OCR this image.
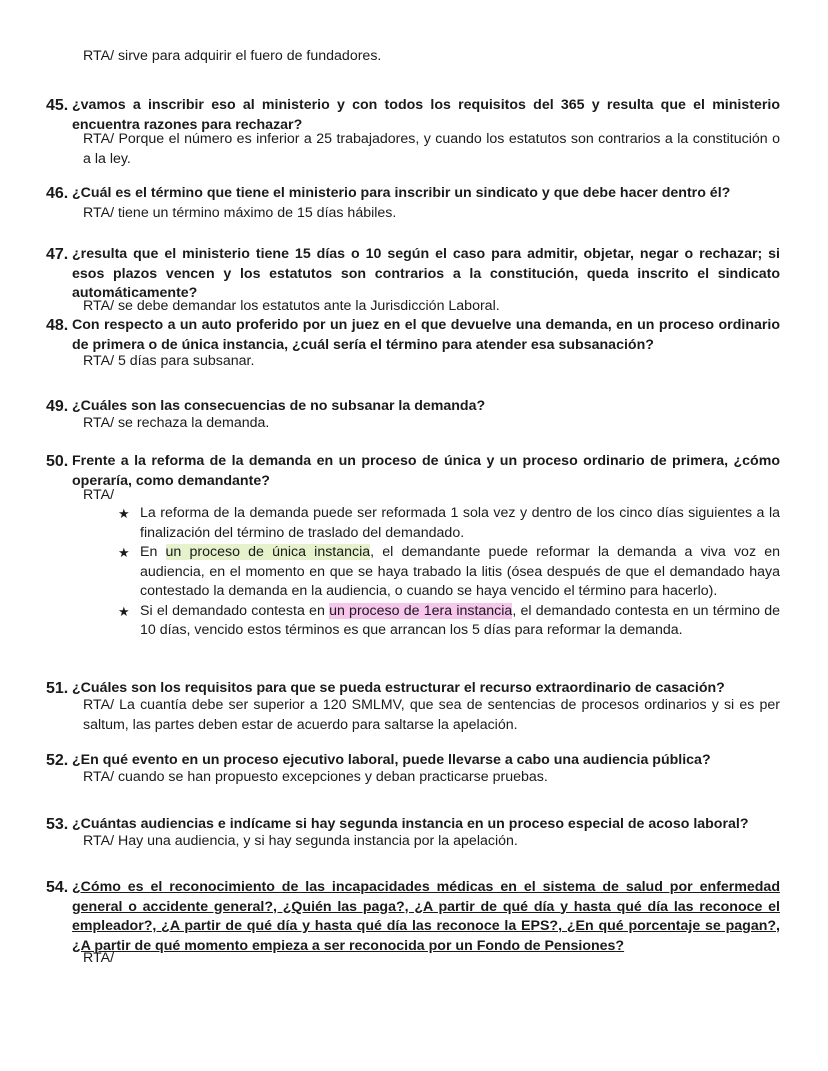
RTA/ sirve para adquirir el fuero de fundadores.

45. ¿vamos a inscribir eso al ministerio y con todos los requisitos del 365 y resulta que el ministerio encuentra razones para rechazar?

RTA/ Porque el número es inferior a 25 trabajadores, y cuando los estatutos son contrarios a la constitución o a la ley.

46. ¿Cuál es el término que tiene el ministerio para inscribir un sindicato y que debe hacer dentro él?

RTA/ tiene un término máximo de 15 días hábiles.

47. ¿resulta que el ministerio tiene 15 días o 10 según el caso para admitir, objetar, negar o rechazar; si esos plazos vencen y los estatutos son contrarios a la constitución, queda inscrito el sindicato automáticamente?

RTA/ se debe demandar los estatutos ante la Jurisdicción Laboral.

48. Con respecto a un auto proferido por un juez en el que devuelve una demanda, en un proceso ordinario de primera o de única instancia, ¿cuál sería el término para atender esa subsanación?

RTA/ 5 días para subsanar.

49. ¿Cuáles son las consecuencias de no subsanar la demanda?

RTA/ se rechaza la demanda.

50. Frente a la reforma de la demanda en un proceso de única y un proceso ordinario de primera, ¿cómo operaría, como demandante?

RTA/

★ La reforma de la demanda puede ser reformada 1 sola vez y dentro de los cinco días siguientes a la finalización del término de traslado del demandado.
★ En un proceso de única instancia, el demandante puede reformar la demanda a viva voz en audiencia, en el momento en que se haya trabado la litis (ósea después de que el demandado haya contestado la demanda en la audiencia, o cuando se haya vencido el término para hacerlo).
★ Si el demandado contesta en un proceso de 1era instancia, el demandado contesta en un término de 10 días, vencido estos términos es que arrancan los 5 días para reformar la demanda.
51. ¿Cuáles son los requisitos para que se pueda estructurar el recurso extraordinario de casación?

RTA/ La cuantía debe ser superior a 120 SMLMV, que sea de sentencias de procesos ordinarios y si es per saltum, las partes deben estar de acuerdo para saltarse la apelación.

52. ¿En qué evento en un proceso ejecutivo laboral, puede llevarse a cabo una audiencia pública?

RTA/ cuando se han propuesto excepciones y deban practicarse pruebas.

53. ¿Cuántas audiencias e indícame si hay segunda instancia en un proceso especial de acoso laboral?

RTA/ Hay una audiencia, y si hay segunda instancia por la apelación.

54. ¿Cómo es el reconocimiento de las incapacidades médicas en el sistema de salud por enfermedad general o accidente general?, ¿Quién las paga?, ¿A partir de qué día y hasta qué día las reconoce el empleador?, ¿A partir de qué día y hasta qué día las reconoce la EPS?, ¿En qué porcentaje se pagan?, ¿A partir de qué momento empieza a ser reconocida por un Fondo de Pensiones?

RTA/
